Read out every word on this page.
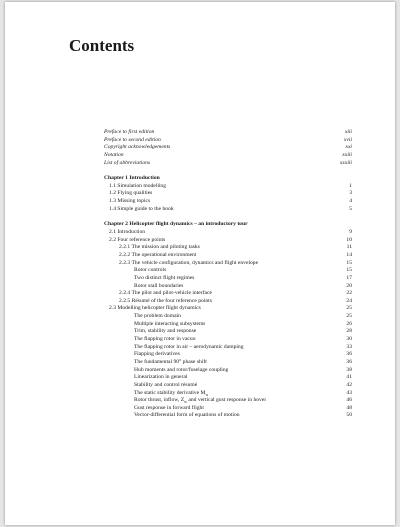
Contents
Preface to first edition	xiii
Preface to second edition	xvii
Copyright acknowledgements	xxi
Notation	xxiii
List of abbreviations	xxxiii
Chapter 1 Introduction
1.1 Simulation modelling	1
1.2 Flying qualities	3
1.3 Missing topics	4
1.4 Simple guide to the book	5
Chapter 2 Helicopter flight dynamics – an introductory tour
2.1 Introduction	9
2.2 Four reference points	10
2.2.1 The mission and piloting tasks	11
2.2.2 The operational environment	14
2.2.3 The vehicle configuration, dynamics and flight envelope	15
Rotor controls	15
Two distinct flight regimes	17
Rotor stall boundaries	20
2.2.4 The pilot and pilot-vehicle interface	22
2.2.5 Résumé of the four reference points	24
2.3 Modelling helicopter flight dynamics	25
The problem domain	25
Multiple interacting subsystems	26
Trim, stability and response	28
The flapping rotor in vacuo	30
The flapping rotor in air – aerodynamic damping	33
Flapping derivatives	36
The fundamental 90° phase shift	36
Hub moments and rotor/fuselage coupling	38
Linearization in general	41
Stability and control résumé	42
The static stability derivative $M_w$	43
Rotor thrust, inflow, $Z_w$ and vertical gust response in hover	46
Gust response in forward flight	48
Vector-differential form of equations of motion	50
